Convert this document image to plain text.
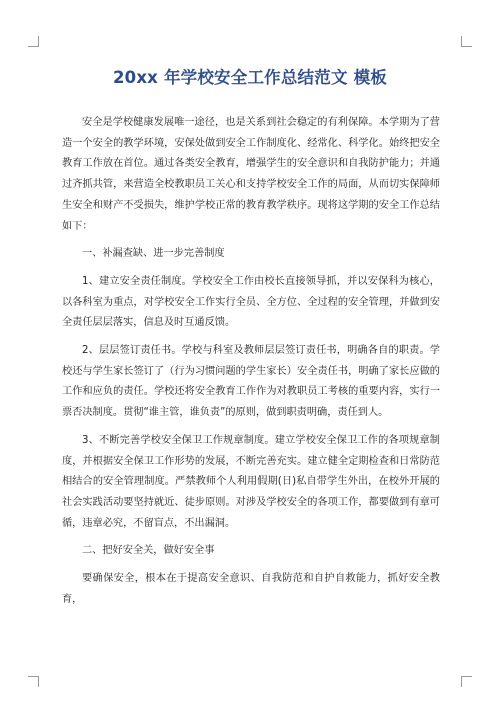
20xx 年学校安全工作总结范文 模板

安全是学校健康发展唯一途径，也是关系到社会稳定的有利保障。本学期为了营造一个安全的教学环境，安保处做到安全工作制度化、经常化、科学化。始终把安全教育工作放在首位。通过各类安全教育，增强学生的安全意识和自我防护能力；并通过齐抓共管，来营造全校教职员工关心和支持学校安全工作的局面，从而切实保障师生安全和财产不受损失，维护学校正常的教育教学秩序。现将这学期的安全工作总结如下：

一、补漏查缺、进一步完善制度

1、建立安全责任制度。学校安全工作由校长直接领导抓，并以安保科为核心，以各科室为重点，对学校安全工作实行全员、全方位、全过程的安全管理，并做到安全责任层层落实，信息及时互通反馈。

2、层层签订责任书。学校与科室及教师层层签订责任书，明确各自的职责。学校还与学生家长签订了（行为习惯问题的学生家长）安全责任书，明确了家长应做的工作和应负的责任。学校还将安全教育工作作为对教职员工考核的重要内容，实行一票否决制度。贯彻“谁主管，谁负责”的原则，做到职责明确，责任到人。

3、不断完善学校安全保卫工作规章制度。建立学校安全保卫工作的各项规章制度，并根据安全保卫工作形势的发展，不断完善充实。建立健全定期检查和日常防范相结合的安全管理制度。严禁教师个人利用假期(日)私自带学生外出，在校外开展的社会实践活动要坚持就近、徒步原则。对涉及学校安全的各项工作，都要做到有章可循，违章必究，不留盲点，不出漏洞。

二、把好安全关，做好安全事

要确保安全，根本在于提高安全意识、自我防范和自护自救能力，抓好安全教育，
